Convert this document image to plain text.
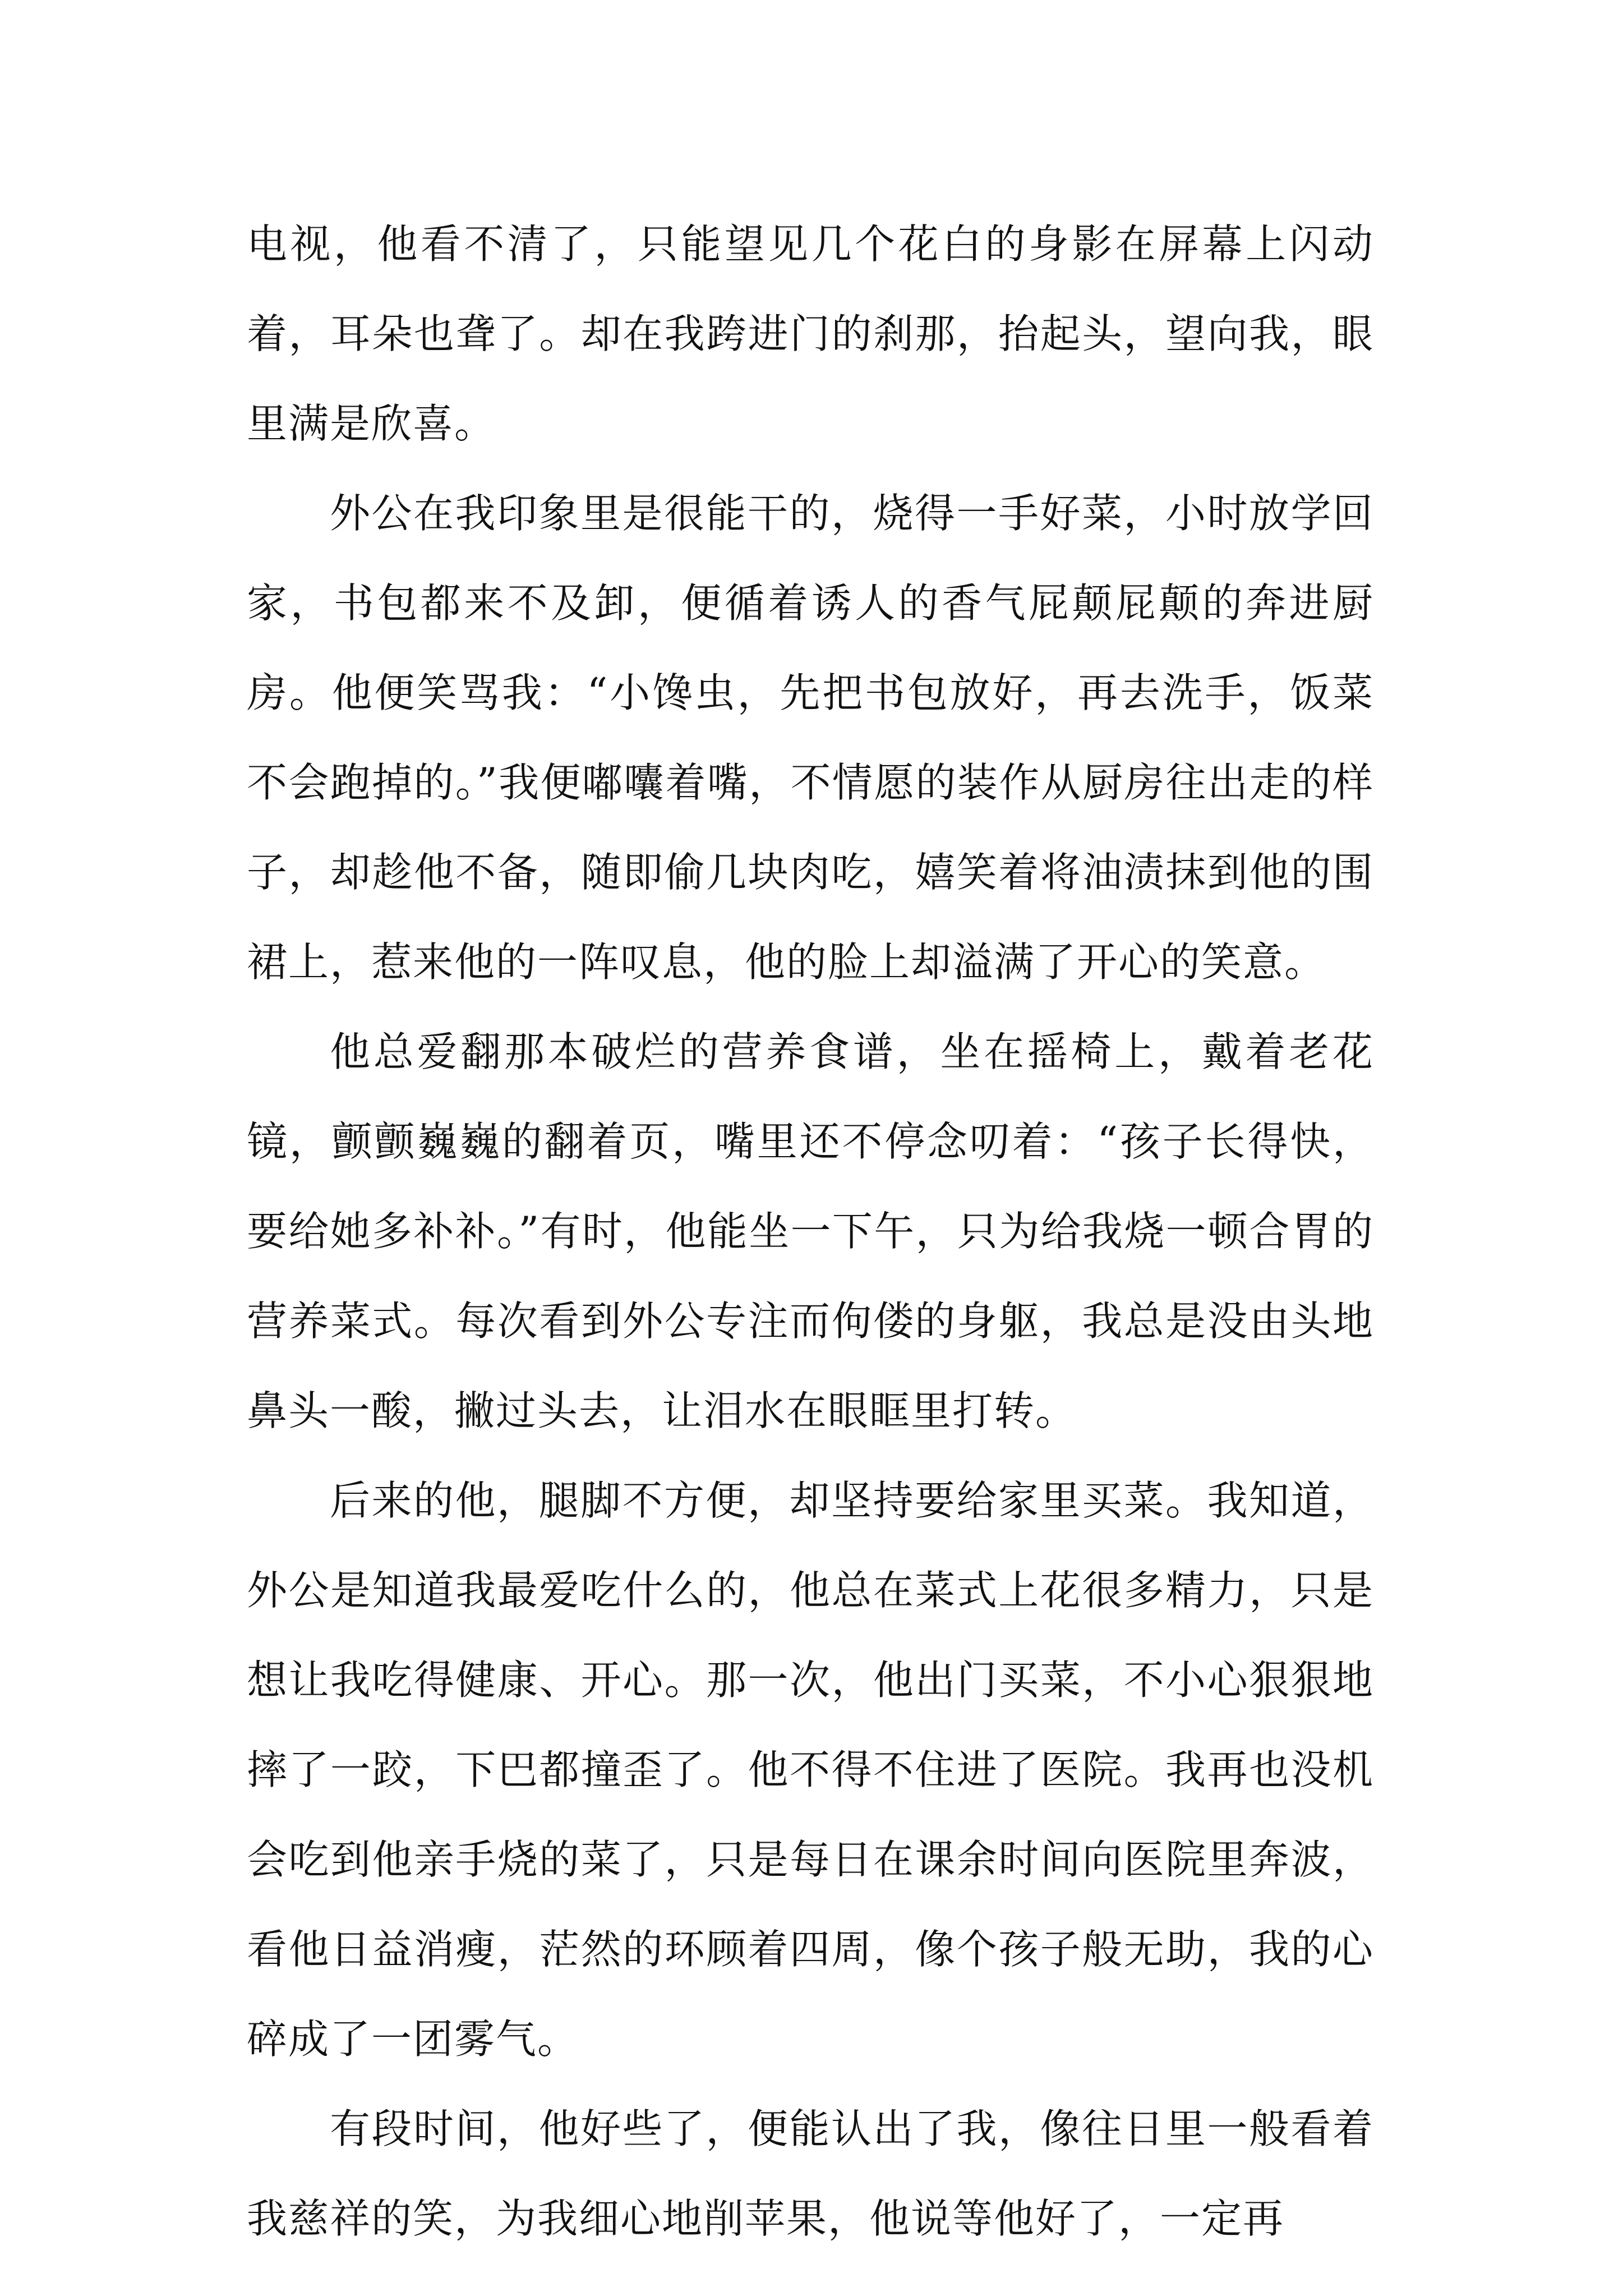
电视，他看不清了，只能望见几个花白的身影在屏幕上闪动着，耳朵也聋了。却在我跨进门的刹那，抬起头，望向我，眼里满是欣喜。

外公在我印象里是很能干的，烧得一手好菜，小时放学回家，书包都来不及卸，便循着诱人的香气屁颠屁颠的奔进厨房。他便笑骂我：“小馋虫，先把书包放好，再去洗手，饭菜不会跑掉的。”我便嘟囔着嘴，不情愿的装作从厨房往出走的样子，却趁他不备，随即偷几块肉吃，嬉笑着将油渍抹到他的围裙上，惹来他的一阵叹息，他的脸上却溢满了开心的笑意。

他总爱翻那本破烂的营养食谱，坐在摇椅上，戴着老花镜，颤颤巍巍的翻着页，嘴里还不停念叨着：“孩子长得快，要给她多补补。”有时，他能坐一下午，只为给我烧一顿合胃的营养菜式。每次看到外公专注而佝偻的身躯，我总是没由头地鼻头一酸，撇过头去，让泪水在眼眶里打转。

后来的他，腿脚不方便，却坚持要给家里买菜。我知道，外公是知道我最爱吃什么的，他总在菜式上花很多精力，只是想让我吃得健康、开心。那一次，他出门买菜，不小心狠狠地摔了一跤，下巴都撞歪了。他不得不住进了医院。我再也没机会吃到他亲手烧的菜了，只是每日在课余时间向医院里奔波，看他日益消瘦，茫然的环顾着四周，像个孩子般无助，我的心碎成了一团雾气。

有段时间，他好些了，便能认出了我，像往日里一般看着我慈祥的笑，为我细心地削苹果，他说等他好了，一定再
